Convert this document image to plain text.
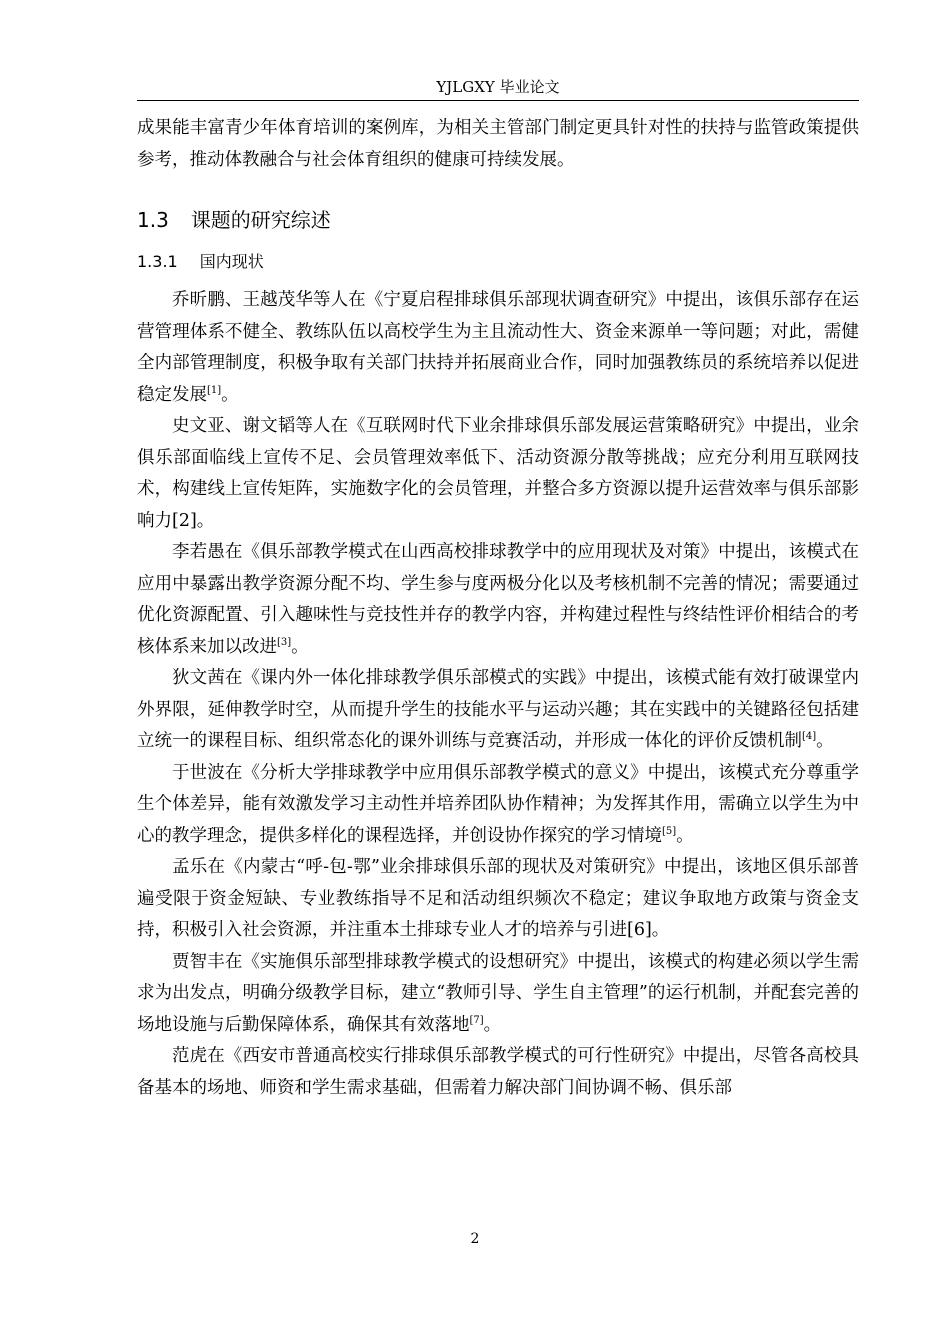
YJLGXY 毕业论文

成果能丰富青少年体育培训的案例库，为相关主管部门制定更具针对性的扶持与监管政策提供参考，推动体教融合与社会体育组织的健康可持续发展。

1.3 课题的研究综述
1.3.1 国内现状

乔昕鹏、王越茂华等人在《宁夏启程排球俱乐部现状调查研究》中提出，该俱乐部存在运营管理体系不健全、教练队伍以高校学生为主且流动性大、资金来源单一等问题；对此，需健全内部管理制度，积极争取有关部门扶持并拓展商业合作，同时加强教练员的系统培养以促进稳定发展[1]。

史文亚、谢文韬等人在《互联网时代下业余排球俱乐部发展运营策略研究》中提出，业余俱乐部面临线上宣传不足、会员管理效率低下、活动资源分散等挑战；应充分利用互联网技术，构建线上宣传矩阵，实施数字化的会员管理，并整合多方资源以提升运营效率与俱乐部影响力[2]。

李若愚在《俱乐部教学模式在山西高校排球教学中的应用现状及对策》中提出，该模式在应用中暴露出教学资源分配不均、学生参与度两极分化以及考核机制不完善的情况；需要通过优化资源配置、引入趣味性与竞技性并存的教学内容，并构建过程性与终结性评价相结合的考核体系来加以改进[3]。

狄文茜在《课内外一体化排球教学俱乐部模式的实践》中提出，该模式能有效打破课堂内外界限，延伸教学时空，从而提升学生的技能水平与运动兴趣；其在实践中的关键路径包括建立统一的课程目标、组织常态化的课外训练与竞赛活动，并形成一体化的评价反馈机制[4]。

于世波在《分析大学排球教学中应用俱乐部教学模式的意义》中提出，该模式充分尊重学生个体差异，能有效激发学习主动性并培养团队协作精神；为发挥其作用，需确立以学生为中心的教学理念，提供多样化的课程选择，并创设协作探究的学习情境[5]。

孟乐在《内蒙古“呼-包-鄂”业余排球俱乐部的现状及对策研究》中提出，该地区俱乐部普遍受限于资金短缺、专业教练指导不足和活动组织频次不稳定；建议争取地方政策与资金支持，积极引入社会资源，并注重本土排球专业人才的培养与引进[6]。

贾智丰在《实施俱乐部型排球教学模式的设想研究》中提出，该模式的构建必须以学生需求为出发点，明确分级教学目标，建立“教师引导、学生自主管理”的运行机制，并配套完善的场地设施与后勤保障体系，确保其有效落地[7]。

范虎在《西安市普通高校实行排球俱乐部教学模式的可行性研究》中提出，尽管各高校具备基本的场地、师资和学生需求基础，但需着力解决部门间协调不畅、俱乐部

2
